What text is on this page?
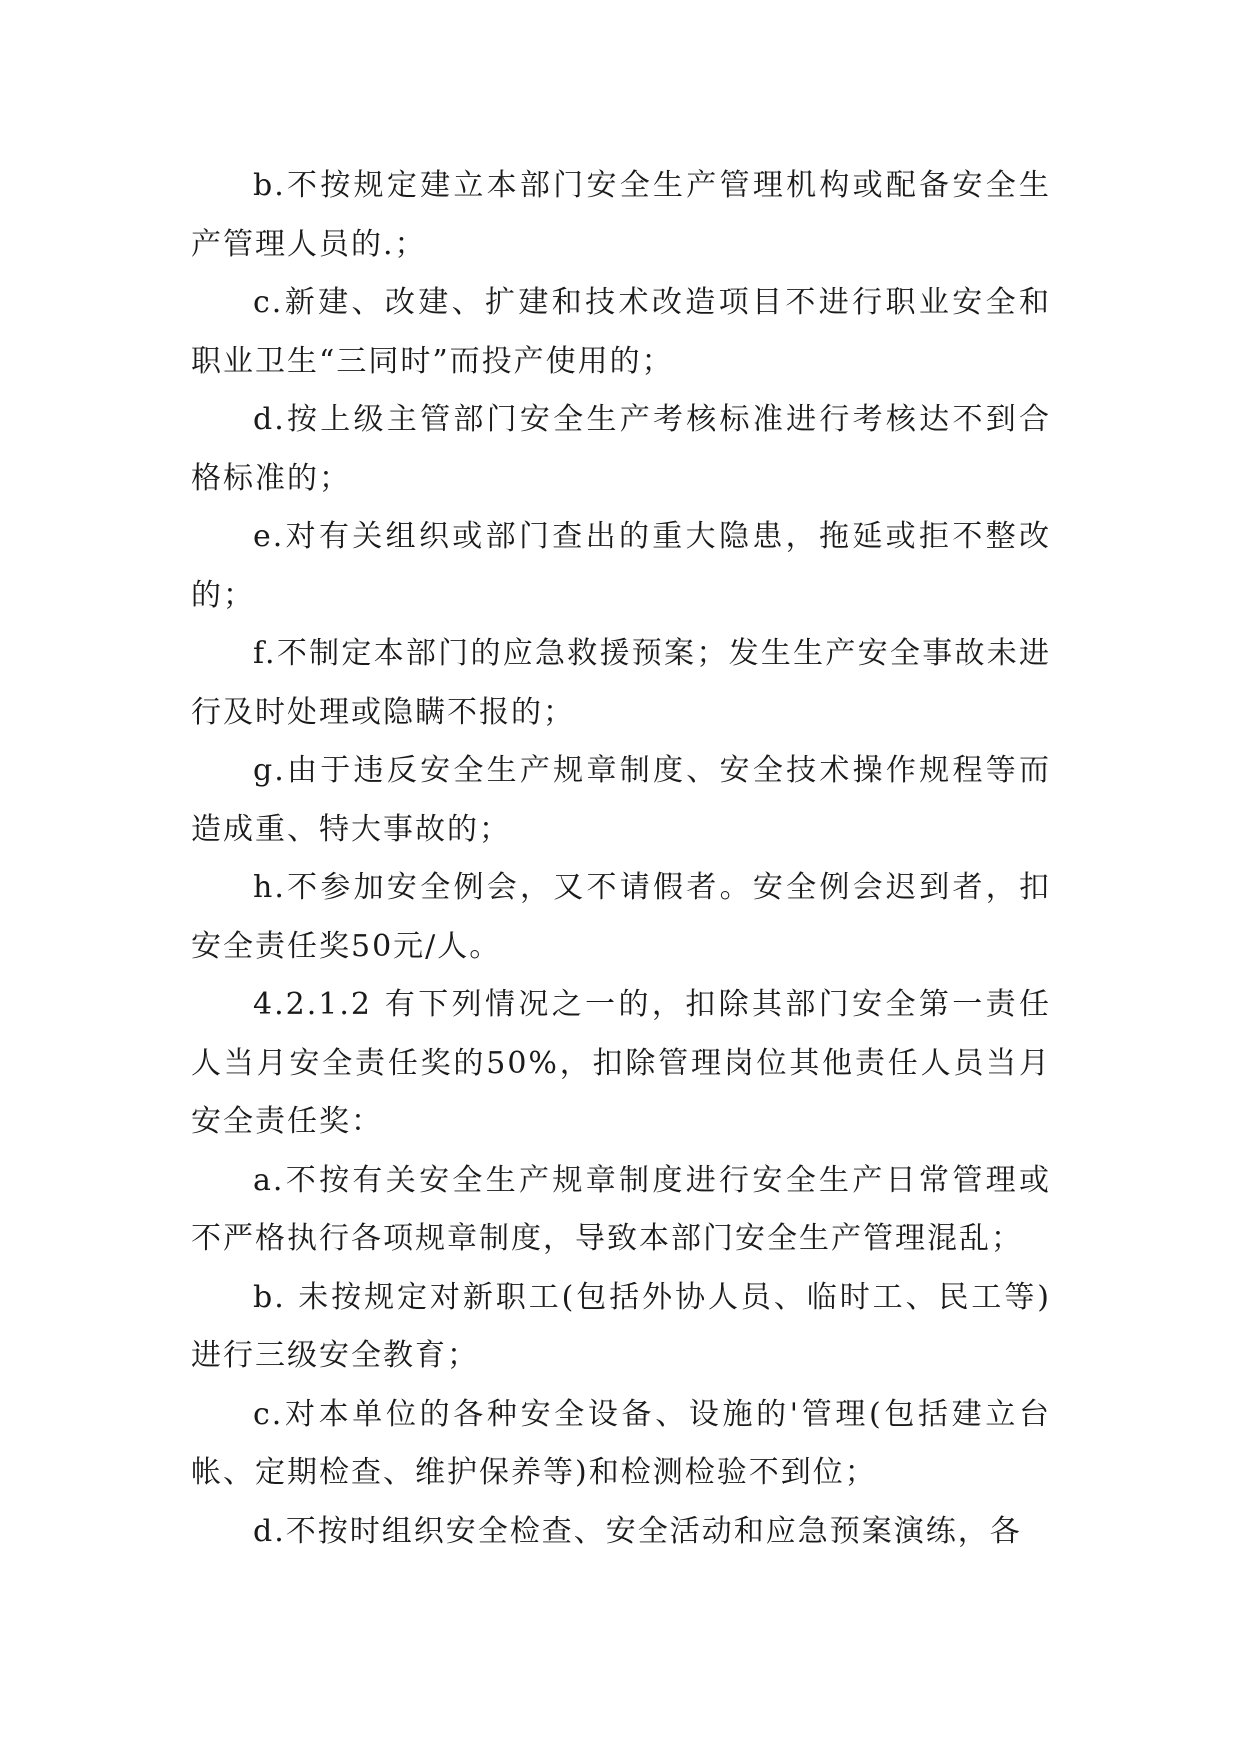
b.不按规定建立本部门安全生产管理机构或配备安全生产管理人员的.；

c.新建、改建、扩建和技术改造项目不进行职业安全和职业卫生“三同时”而投产使用的；

d.按上级主管部门安全生产考核标准进行考核达不到合格标准的；

e.对有关组织或部门查出的重大隐患，拖延或拒不整改的；

f.不制定本部门的应急救援预案；发生生产安全事故未进行及时处理或隐瞒不报的；

g.由于违反安全生产规章制度、安全技术操作规程等而造成重、特大事故的；

h.不参加安全例会，又不请假者。安全例会迟到者，扣安全责任奖50元/人。

4.2.1.2 有下列情况之一的，扣除其部门安全第一责任人当月安全责任奖的50%，扣除管理岗位其他责任人员当月安全责任奖：

a.不按有关安全生产规章制度进行安全生产日常管理或不严格执行各项规章制度，导致本部门安全生产管理混乱；

b. 未按规定对新职工(包括外协人员、临时工、民工等)进行三级安全教育；

c.对本单位的各种安全设备、设施的'管理(包括建立台帐、定期检查、维护保养等)和检测检验不到位；

d.不按时组织安全检查、安全活动和应急预案演练，各
